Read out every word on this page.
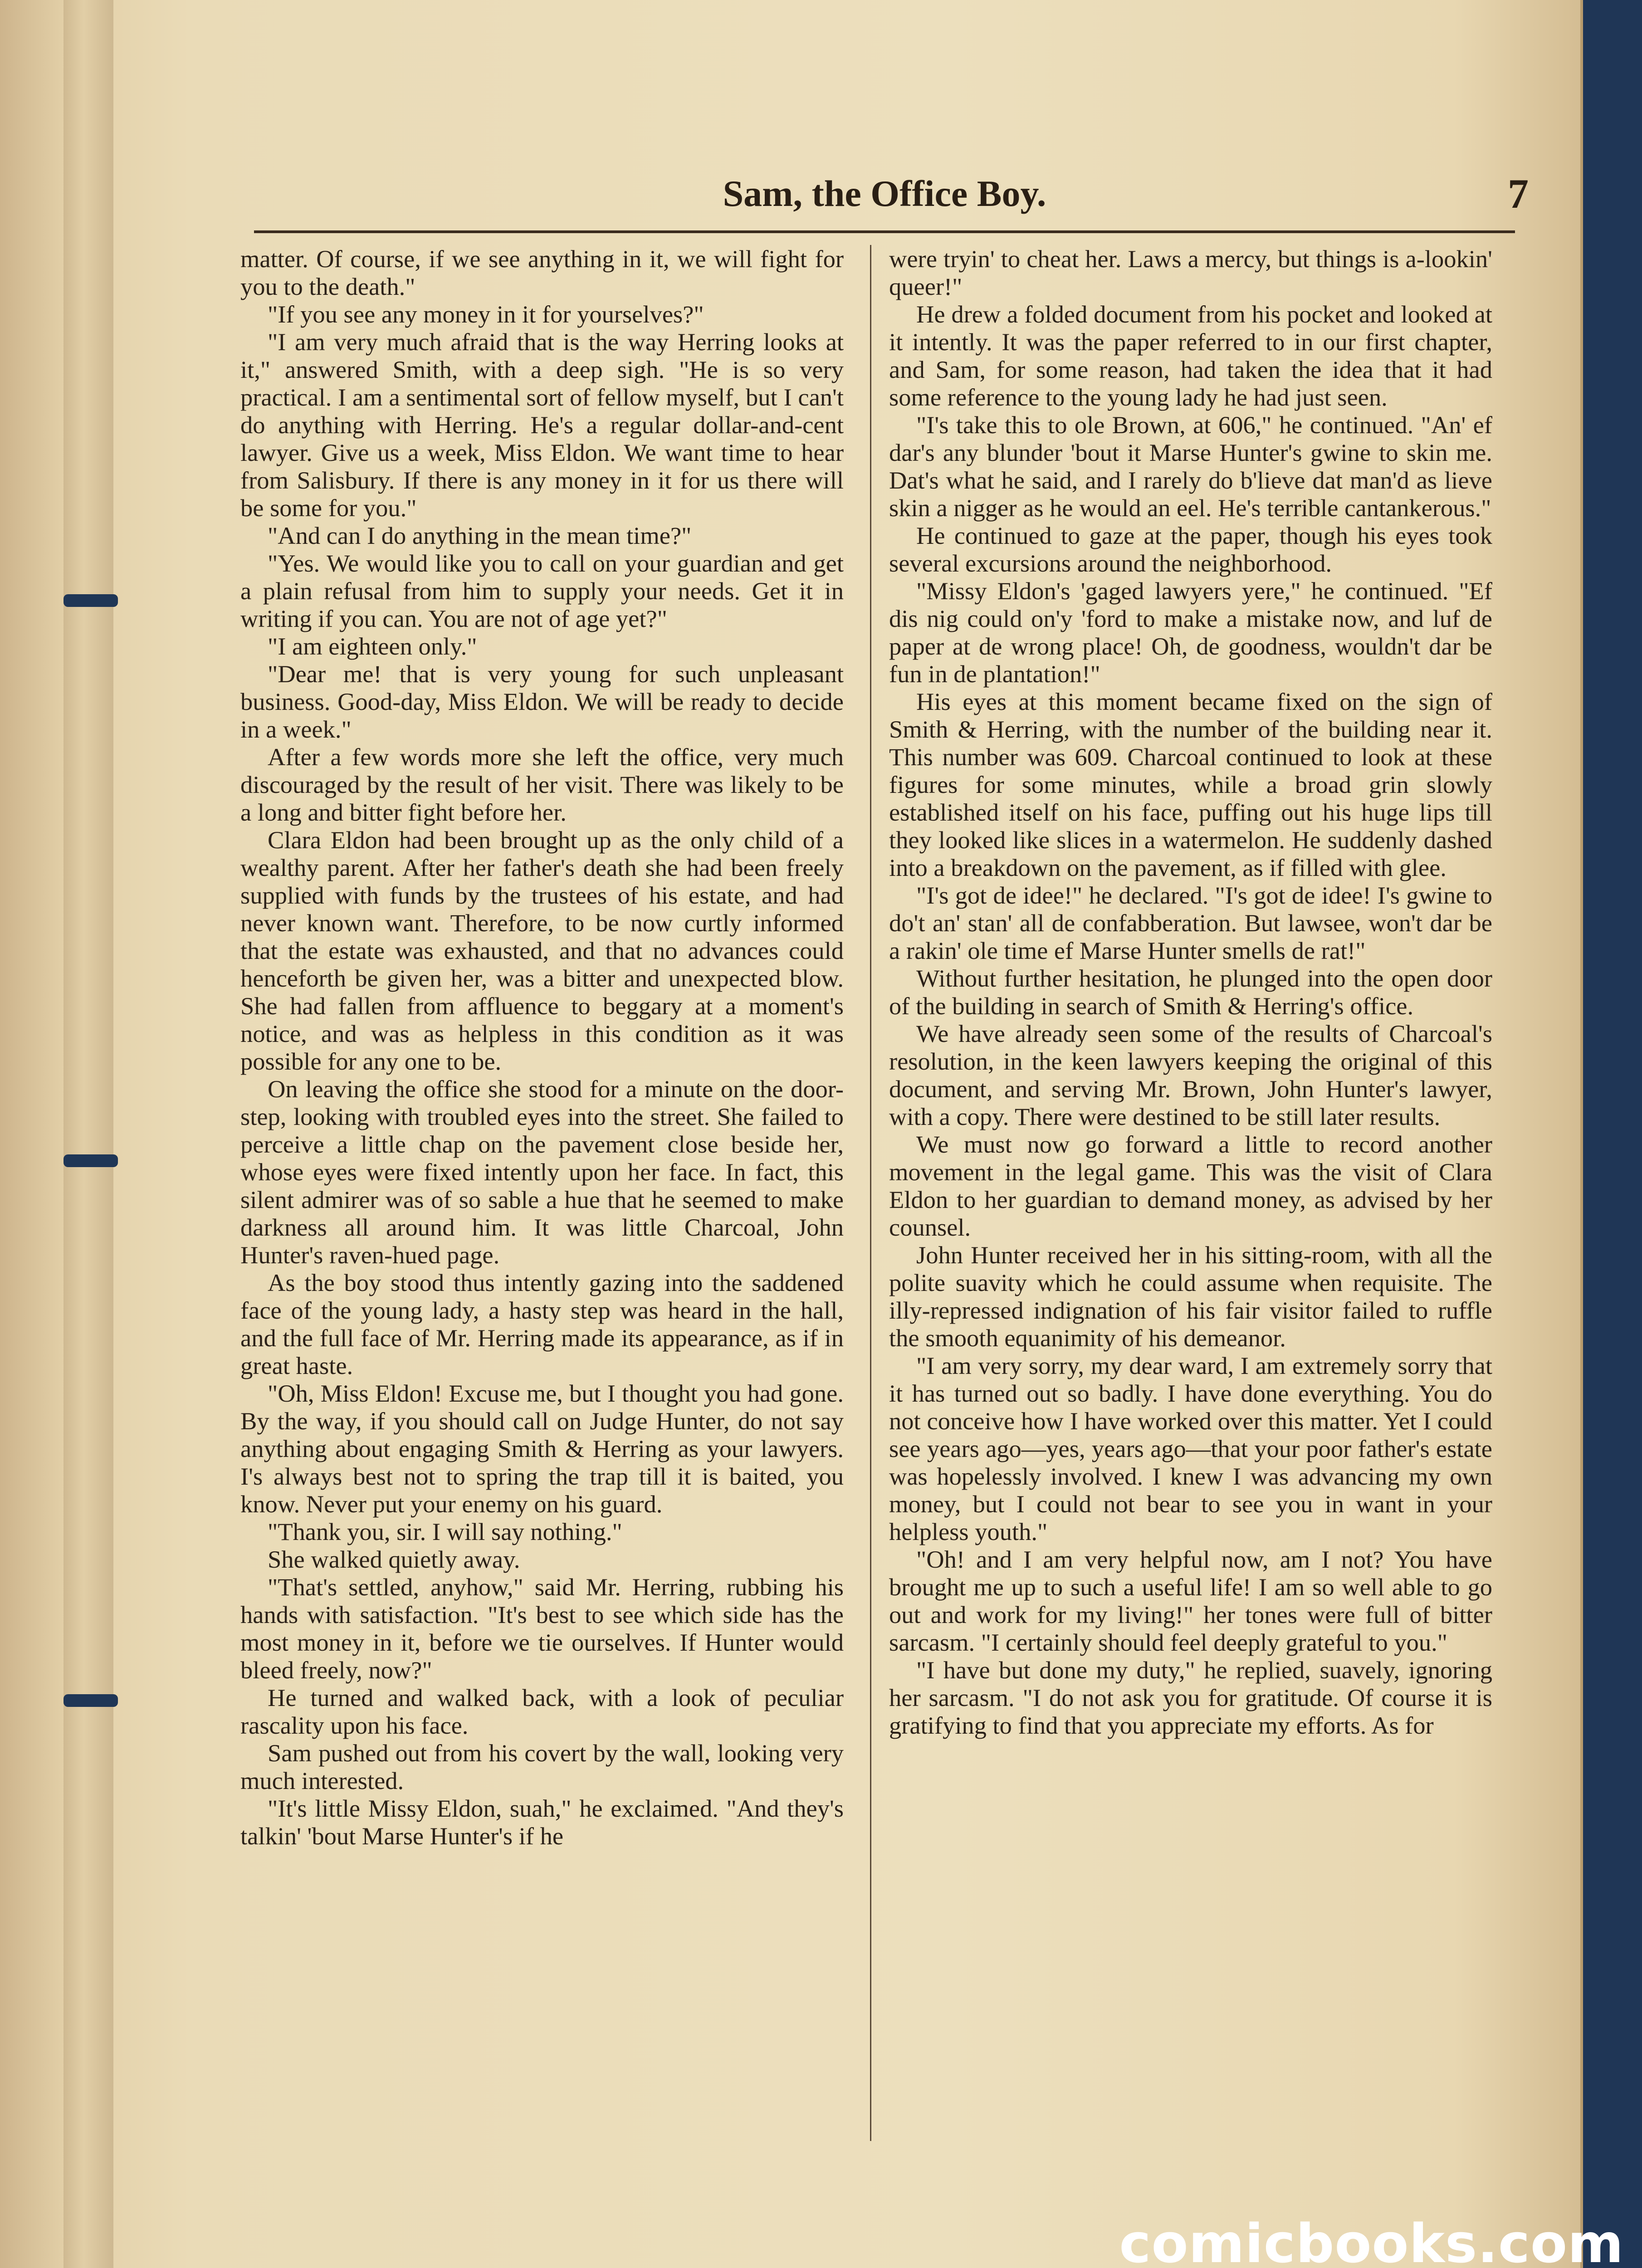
Sam, the Office Boy.	7

matter. Of course, if we see anything in it, we will fight for you to the death."

"If you see any money in it for yourselves?"

"I am very much afraid that is the way Herring looks at it," answered Smith, with a deep sigh. "He is so very practical. I am a sentimental sort of fellow myself, but I can't do anything with Herring. He's a regular dollar-and-cent lawyer. Give us a week, Miss Eldon. We want time to hear from Salisbury. If there is any money in it for us there will be some for you."

"And can I do anything in the mean time?"

"Yes. We would like you to call on your guardian and get a plain refusal from him to supply your needs. Get it in writing if you can. You are not of age yet?"

"I am eighteen only."

"Dear me! that is very young for such unpleasant business. Good-day, Miss Eldon. We will be ready to decide in a week."

After a few words more she left the office, very much discouraged by the result of her visit. There was likely to be a long and bitter fight before her.

Clara Eldon had been brought up as the only child of a wealthy parent. After her father's death she had been freely supplied with funds by the trustees of his estate, and had never known want. Therefore, to be now curtly informed that the estate was exhausted, and that no advances could henceforth be given her, was a bitter and unexpected blow. She had fallen from affluence to beggary at a moment's notice, and was as helpless in this condition as it was possible for any one to be.

On leaving the office she stood for a minute on the door-step, looking with troubled eyes into the street. She failed to perceive a little chap on the pavement close beside her, whose eyes were fixed intently upon her face. In fact, this silent admirer was of so sable a hue that he seemed to make darkness all around him. It was little Charcoal, John Hunter's raven-hued page.

As the boy stood thus intently gazing into the saddened face of the young lady, a hasty step was heard in the hall, and the full face of Mr. Herring made its appearance, as if in great haste.

"Oh, Miss Eldon! Excuse me, but I thought you had gone. By the way, if you should call on Judge Hunter, do not say anything about engaging Smith & Herring as your lawyers. I's always best not to spring the trap till it is baited, you know. Never put your enemy on his guard.

"Thank you, sir. I will say nothing."

She walked quietly away.

"That's settled, anyhow," said Mr. Herring, rubbing his hands with satisfaction. "It's best to see which side has the most money in it, before we tie ourselves. If Hunter would bleed freely, now?"

He turned and walked back, with a look of peculiar rascality upon his face.

Sam pushed out from his covert by the wall, looking very much interested.

"It's little Missy Eldon, suah," he exclaimed. "And they's talkin' 'bout Marse Hunter's if he

were tryin' to cheat her. Laws a mercy, but things is a-lookin' queer!"

He drew a folded document from his pocket and looked at it intently. It was the paper referred to in our first chapter, and Sam, for some reason, had taken the idea that it had some reference to the young lady he had just seen.

"I's take this to ole Brown, at 606," he continued. "An' ef dar's any blunder 'bout it Marse Hunter's gwine to skin me. Dat's what he said, and I rarely do b'lieve dat man'd as lieve skin a nigger as he would an eel. He's terrible cantankerous."

He continued to gaze at the paper, though his eyes took several excursions around the neighborhood.

"Missy Eldon's 'gaged lawyers yere," he continued. "Ef dis nig could on'y 'ford to make a mistake now, and luf de paper at de wrong place! Oh, de goodness, wouldn't dar be fun in de plantation!"

His eyes at this moment became fixed on the sign of Smith & Herring, with the number of the building near it. This number was 609. Charcoal continued to look at these figures for some minutes, while a broad grin slowly established itself on his face, puffing out his huge lips till they looked like slices in a watermelon. He suddenly dashed into a breakdown on the pavement, as if filled with glee.

"I's got de idee!" he declared. "I's got de idee! I's gwine to do't an' stan' all de confabberation. But lawsee, won't dar be a rakin' ole time ef Marse Hunter smells de rat!"

Without further hesitation, he plunged into the open door of the building in search of Smith & Herring's office.

We have already seen some of the results of Charcoal's resolution, in the keen lawyers keeping the original of this document, and serving Mr. Brown, John Hunter's lawyer, with a copy. There were destined to be still later results.

We must now go forward a little to record another movement in the legal game. This was the visit of Clara Eldon to her guardian to demand money, as advised by her counsel.

John Hunter received her in his sitting-room, with all the polite suavity which he could assume when requisite. The illy-repressed indignation of his fair visitor failed to ruffle the smooth equanimity of his demeanor.

"I am very sorry, my dear ward, I am extremely sorry that it has turned out so badly. I have done everything. You do not conceive how I have worked over this matter. Yet I could see years ago—yes, years ago—that your poor father's estate was hopelessly involved. I knew I was advancing my own money, but I could not bear to see you in want in your helpless youth."

"Oh! and I am very helpful now, am I not? You have brought me up to such a useful life! I am so well able to go out and work for my living!" her tones were full of bitter sarcasm. "I certainly should feel deeply grateful to you."

"I have but done my duty," he replied, suavely, ignoring her sarcasm. "I do not ask you for gratitude. Of course it is gratifying to find that you appreciate my efforts. As for

comicbooks.com
